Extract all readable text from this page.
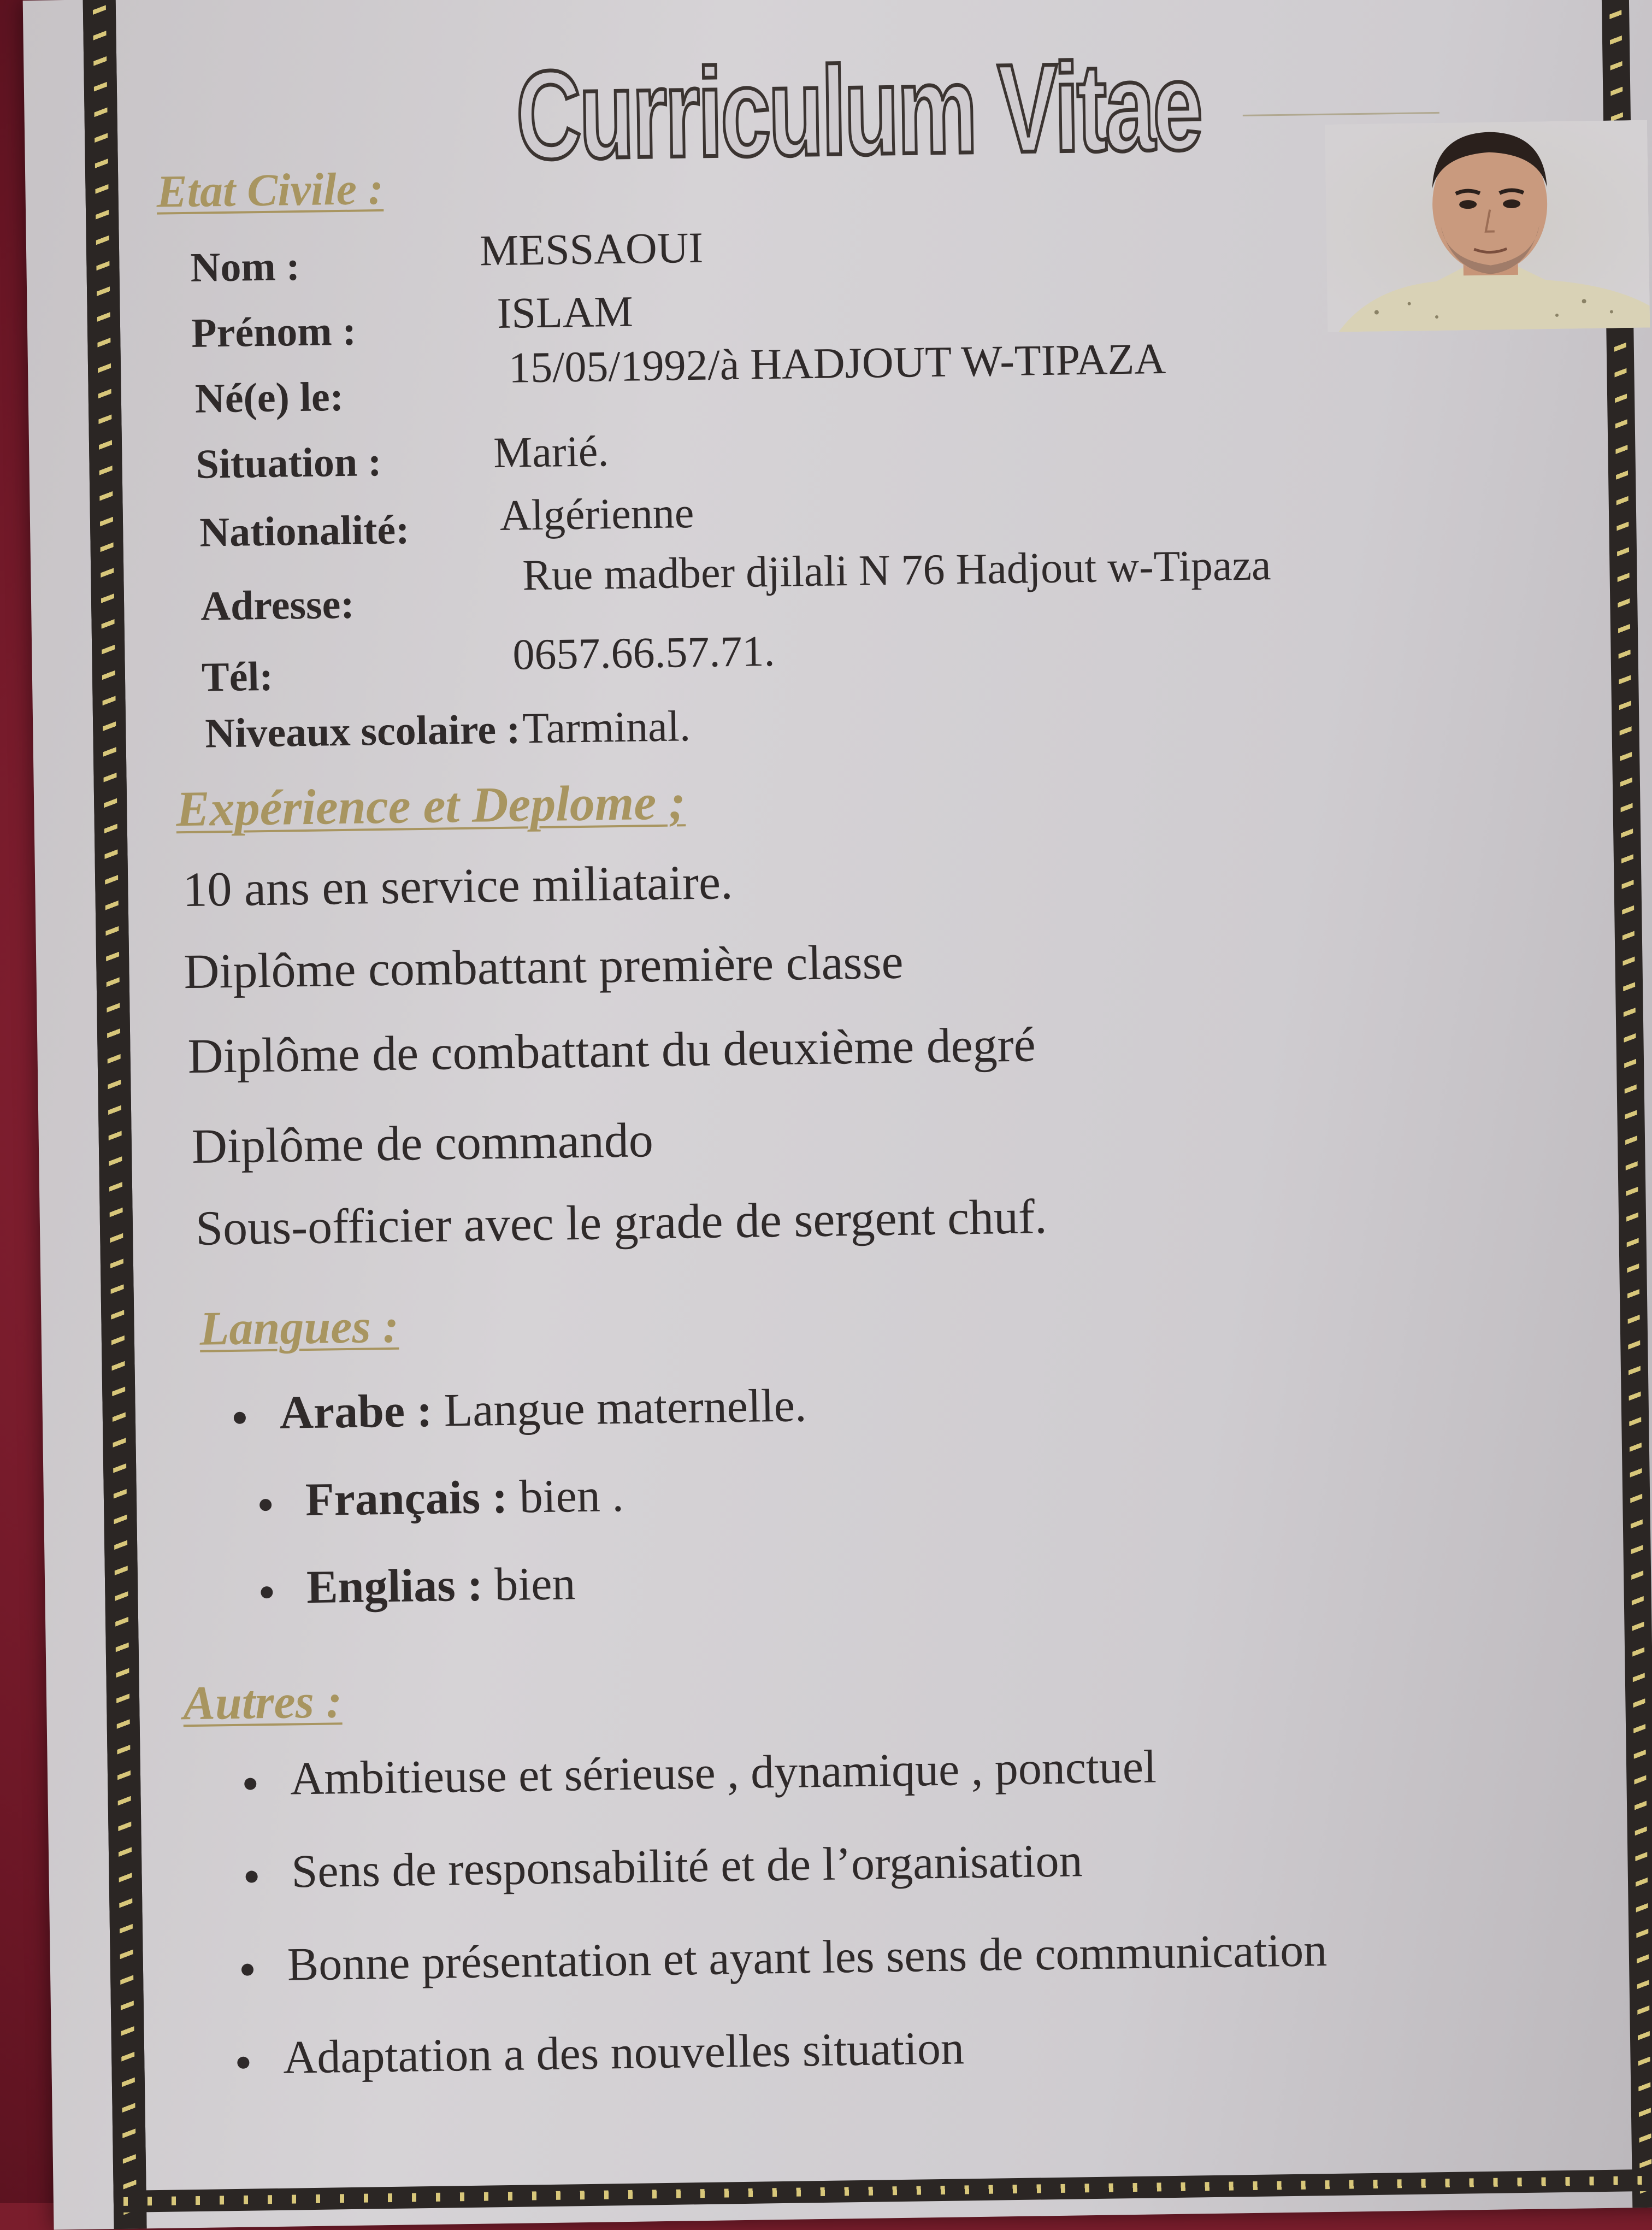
Curriculum Vitae
Etat Civile :
Nom :	MESSAOUI
Prénom :	ISLAM
Né(e) le:
15/05/1992/à HADJOUT W-TIPAZA
Situation :	Marié.
Nationalité: Algérienne
Adresse:
Rue madber djilali N 76 Hadjout w-Tipaza
Tél:	0657.66.57.71.
Niveaux scolaire : Tarminal.
Expérience et Deplome ;
10 ans en service miliataire.
Diplôme combattant première classe
Diplôme de combattant du deuxième degré
Diplôme de commando
Sous-officier avec le grade de sergent chuf.
Langues :
Arabe : Langue maternelle.
Français : bien .
Englias : bien
Autres :
Ambitieuse et sérieuse , dynamique , ponctuel
Sens de responsabilité et de l’organisation
Bonne présentation et ayant les sens de communication
Adaptation a des nouvelles situation
